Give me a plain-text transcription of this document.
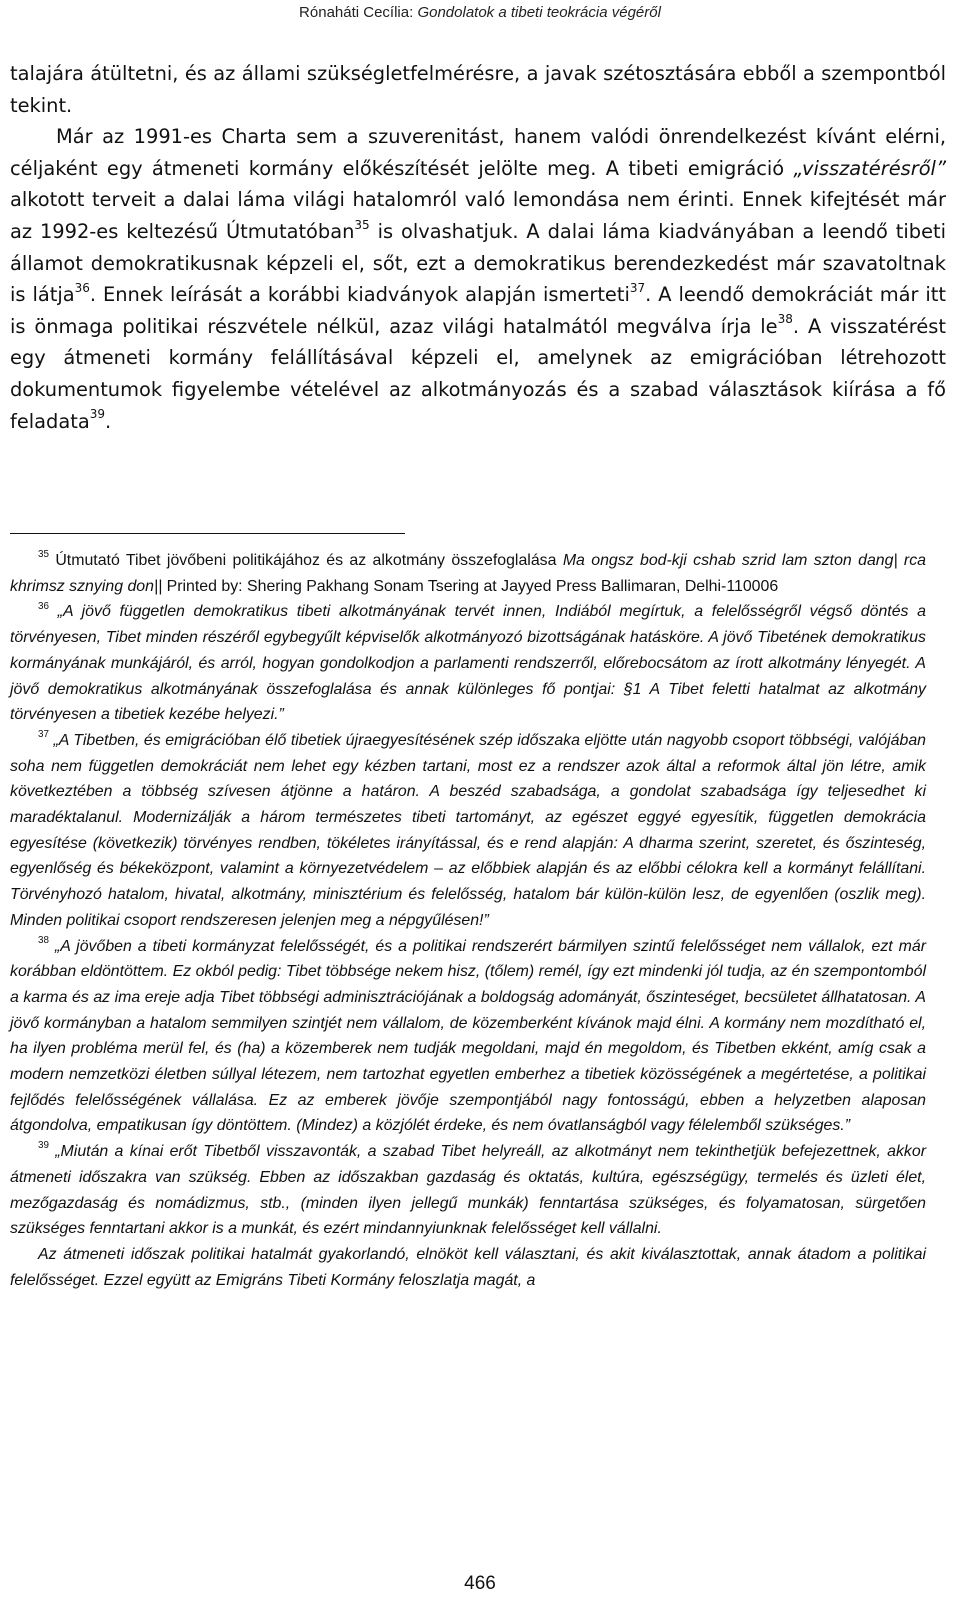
Rónaháti Cecília: Gondolatok a tibeti teokrácia végéről

talajára átültetni, és az állami szükségletfelmérésre, a javak szétosztására ebből a szempontból tekint.

Már az 1991-es Charta sem a szuverenitást, hanem valódi önrendelkezést kívánt elérni, céljaként egy átmeneti kormány előkészítését jelölte meg. A tibeti emigráció „visszatérésről” alkotott terveit a dalai láma világi hatalomról való lemondása nem érinti. Ennek kifejtését már az 1992-es keltezésű Útmutatóban$^{35}$ is olvashatjuk. A dalai láma kiadványában a leendő tibeti államot demokratikusnak képzeli el, sőt, ezt a demokratikus berendezkedést már szavatoltnak is látja$^{36}$. Ennek leírását a korábbi kiadványok alapján ismerteti$^{37}$. A leendő demokráciát már itt is önmaga politikai részvétele nélkül, azaz világi hatalmától megválva írja $le^{38}$. A visszatérést egy átmeneti kormány felállításával képzeli el, amelynek az emigrációban létrehozott dokumentumok figyelembe vételével az alkotmányozás és a szabad választások kiírása a fő feladata$^{39}$.

$^{35}$ Útmutató Tibet jövőbeni politikájához és az alkotmány összefoglalása Ma ongsz bod-kji cshab szrid lam szton dang| rca khrimsz sznying don|| Printed by: Shering Pakhang Sonam Tsering at Jayyed Press Ballimaran, Delhi-110006

$^{36}$ „A jövő független demokratikus tibeti alkotmányának tervét innen, Indiából megírtuk, a felelősségről végső döntés a törvényesen, Tibet minden részéről egybegyűlt képviselők alkotmányozó bizottságának hatásköre. A jövő Tibetének demokratikus kormányának munkájáról, és arról, hogyan gondolkodjon a parlamenti rendszerről, előrebocsátom az írott alkotmány lényegét. A jövő demokratikus alkotmányának összefoglalása és annak különleges fő pontjai: §1 A Tibet feletti hatalmat az alkotmány törvényesen a tibetiek kezébe helyezi.”

$^{37}$ „A Tibetben, és emigrációban élő tibetiek újraegyesítésének szép időszaka eljötte után nagyobb csoport többségi, valójában soha nem független demokráciát nem lehet egy kézben tartani, most ez a rendszer azok által a reformok által jön létre, amik következtében a többség szívesen átjönne a határon. A beszéd szabadsága, a gondolat szabadsága így teljesedhet ki maradéktalanul. Modernizálják a három természetes tibeti tartományt, az egészet eggyé egyesítik, független demokrácia egyesítése (következik) törvényes rendben, tökéletes irányítással, és e rend alapján: A dharma szerint, szeretet, és őszinteség, egyenlőség és békeközpont, valamint a környezetvédelem – az előbbiek alapján és az előbbi célokra kell a kormányt felállítani. Törvényhozó hatalom, hivatal, alkotmány, minisztérium és felelősség, hatalom bár külön-külön lesz, de egyenlően (oszlik meg). Minden politikai csoport rendszeresen jelenjen meg a népgyűlésen!”

$^{38}$ „A jövőben a tibeti kormányzat felelősségét, és a politikai rendszerért bármilyen szintű felelősséget nem vállalok, ezt már korábban eldöntöttem. Ez okból pedig: Tibet többsége nekem hisz, (tőlem) remél, így ezt mindenki jól tudja, az én szempontomból a karma és az ima ereje adja Tibet többségi adminisztrációjának a boldogság adományát, őszinteséget, becsületet állhatatosan. A jövő kormányban a hatalom semmilyen szintjét nem vállalom, de közemberként kívánok majd élni. A kormány nem mozdítható el, ha ilyen probléma merül fel, és (ha) a közemberek nem tudják megoldani, majd én megoldom, és Tibetben ekként, amíg csak a modern nemzetközi életben súllyal létezem, nem tartozhat egyetlen emberhez a tibetiek közösségének a megértetése, a politikai fejlődés felelősségének vállalása. Ez az emberek jövője szempontjából nagy fontosságú, ebben a helyzetben alaposan átgondolva, empatikusan így döntöttem. (Mindez) a közjólét érdeke, és nem óvatlanságból vagy félelemből szükséges.”

$^{39}$ „Miután a kínai erőt Tibetből visszavonták, a szabad Tibet helyreáll, az alkotmányt nem tekinthetjük befejezettnek, akkor átmeneti időszakra van szükség. Ebben az időszakban gazdaság és oktatás, kultúra, egészségügy, termelés és üzleti élet, mezőgazdaság és nomádizmus, stb., (minden ilyen jellegű munkák) fenntartása szükséges, és folyamatosan, sürgetően szükséges fenntartani akkor is a munkát, és ezért mindannyiunknak felelősséget kell vállalni.

Az átmeneti időszak politikai hatalmát gyakorlandó, elnököt kell választani, és akit kiválasztottak, annak átadom a politikai felelősséget. Ezzel együtt az Emigráns Tibeti Kormány feloszlatja magát, a

466
